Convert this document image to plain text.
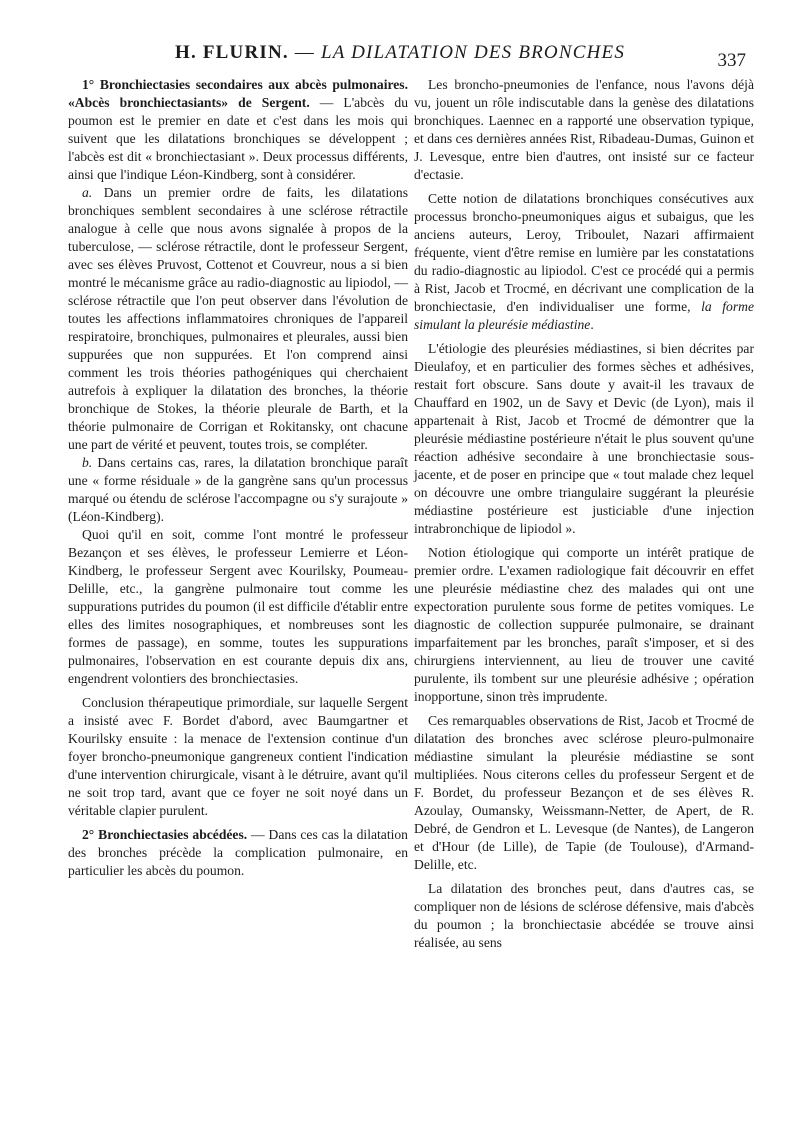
H. FLURIN. — LA DILATATION DES BRONCHES	337

1° Bronchiectasies secondaires aux abcès pulmonaires. «Abcès bronchiectasiants» de Sergent. — L'abcès du poumon est le premier en date et c'est dans les mois qui suivent que les dilatations bronchiques se développent ; l'abcès est dit « bronchiectasiant ». Deux processus différents, ainsi que l'indique Léon-Kindberg, sont à considérer.

a. Dans un premier ordre de faits, les dilatations bronchiques semblent secondaires à une sclérose rétractile analogue à celle que nous avons signalée à propos de la tuberculose, — sclérose rétractile, dont le professeur Sergent, avec ses élèves Pruvost, Cottenot et Couvreur, nous a si bien montré le mécanisme grâce au radio-diagnostic au lipiodol, — sclérose rétractile que l'on peut observer dans l'évolution de toutes les affections inflammatoires chroniques de l'appareil respiratoire, bronchiques, pulmonaires et pleurales, aussi bien suppurées que non suppurées. Et l'on comprend ainsi comment les trois théories pathogéniques qui cherchaient autrefois à expliquer la dilatation des bronches, la théorie bronchique de Stokes, la théorie pleurale de Barth, et la théorie pulmonaire de Corrigan et Rokitansky, ont chacune une part de vérité et peuvent, toutes trois, se compléter.

b. Dans certains cas, rares, la dilatation bronchique paraît une « forme résiduale » de la gangrène sans qu'un processus marqué ou étendu de sclérose l'accompagne ou s'y surajoute » (Léon-Kindberg).

Quoi qu'il en soit, comme l'ont montré le professeur Bezançon et ses élèves, le professeur Lemierre et Léon-Kindberg, le professeur Sergent avec Kourilsky, Poumeau-Delille, etc., la gangrène pulmonaire tout comme les suppurations putrides du poumon (il est difficile d'établir entre elles des limites nosographiques, et nombreuses sont les formes de passage), en somme, toutes les suppurations pulmonaires, l'observation en est courante depuis dix ans, engendrent volontiers des bronchiectasies.

Conclusion thérapeutique primordiale, sur laquelle Sergent a insisté avec F. Bordet d'abord, avec Baumgartner et Kourilsky ensuite : la menace de l'extension continue d'un foyer broncho-pneumonique gangreneux contient l'indication d'une intervention chirurgicale, visant à le détruire, avant qu'il ne soit trop tard, avant que ce foyer ne soit noyé dans un véritable clapier purulent.

2° Bronchiectasies abcédées. — Dans ces cas la dilatation des bronches précède la complication pulmonaire, en particulier les abcès du poumon.

Les broncho-pneumonies de l'enfance, nous l'avons déjà vu, jouent un rôle indiscutable dans la genèse des dilatations bronchiques. Laennec en a rapporté une observation typique, et dans ces dernières années Rist, Ribadeau-Dumas, Guinon et J. Levesque, entre bien d'autres, ont insisté sur ce facteur d'ectasie.

Cette notion de dilatations bronchiques consécutives aux processus broncho-pneumoniques aigus et subaigus, que les anciens auteurs, Leroy, Triboulet, Nazari affirmaient fréquente, vient d'être remise en lumière par les constatations du radio-diagnostic au lipiodol. C'est ce procédé qui a permis à Rist, Jacob et Trocmé, en décrivant une complication de la bronchiectasie, d'en individualiser une forme, la forme simulant la pleurésie médiastine.

L'étiologie des pleurésies médiastines, si bien décrites par Dieulafoy, et en particulier des formes sèches et adhésives, restait fort obscure. Sans doute y avait-il les travaux de Chauffard en 1902, un de Savy et Devic (de Lyon), mais il appartenait à Rist, Jacob et Trocmé de démontrer que la pleurésie médiastine postérieure n'était le plus souvent qu'une réaction adhésive secondaire à une bronchiectasie sous-jacente, et de poser en principe que « tout malade chez lequel on découvre une ombre triangulaire suggérant la pleurésie médiastine postérieure est justiciable d'une injection intrabronchique de lipiodol ».

Notion étiologique qui comporte un intérêt pratique de premier ordre. L'examen radiologique fait découvrir en effet une pleurésie médiastine chez des malades qui ont une expectoration purulente sous forme de petites vomiques. Le diagnostic de collection suppurée pulmonaire, se drainant imparfaitement par les bronches, paraît s'imposer, et si des chirurgiens interviennent, au lieu de trouver une cavité purulente, ils tombent sur une pleurésie adhésive ; opération inopportune, sinon très imprudente.

Ces remarquables observations de Rist, Jacob et Trocmé de dilatation des bronches avec sclérose pleuro-pulmonaire médiastine simulant la pleurésie médiastine se sont multipliées. Nous citerons celles du professeur Sergent et de F. Bordet, du professeur Bezançon et de ses élèves R. Azoulay, Oumansky, Weissmann-Netter, de Apert, de R. Debré, de Gendron et L. Levesque (de Nantes), de Langeron et d'Hour (de Lille), de Tapie (de Toulouse), d'Armand-Delille, etc.

La dilatation des bronches peut, dans d'autres cas, se compliquer non de lésions de sclérose défensive, mais d'abcès du poumon ; la bronchiectasie abcédée se trouve ainsi réalisée, au sens
